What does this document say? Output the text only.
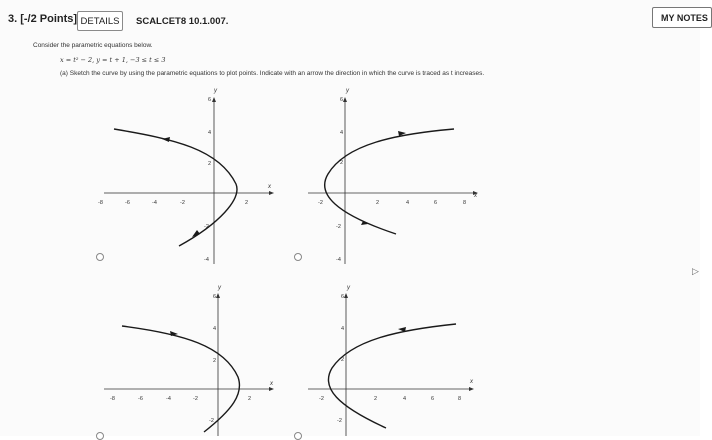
3. [-/2 Points] DETAILS	SCALCET8 10.1.007.	MY NOTES
Consider the parametric equations below.
x = t² − 2, y = t + 1, −3 ≤ t ≤ 3
(a) Sketch the curve by using the parametric equations to plot points. Indicate with an arrow the direction in which the curve is traced as t increases.
x
y
-8	-6	-4	-2	2
6
4
2
-2
-4
x
y
-2	2	4	6	8
6
4
2
-2
-4
x
y
-8	-6	-4	-2	2
6
4
2
-2
x
y
-2	2	4	6	8
6
4
2
-2
▷
